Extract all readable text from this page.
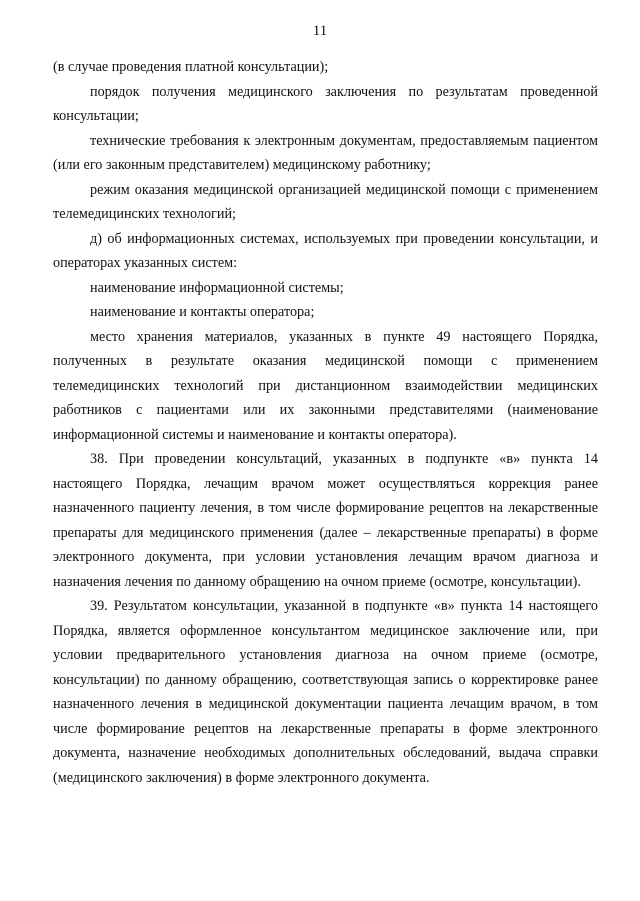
11

(в случае проведения платной консультации);

порядок получения медицинского заключения по результатам проведенной консультации;

технические требования к электронным документам, предоставляемым пациентом (или его законным представителем) медицинскому работнику;

режим оказания медицинской организацией медицинской помощи с применением телемедицинских технологий;

д) об информационных системах, используемых при проведении консультации, и операторах указанных систем:

наименование информационной системы;

наименование и контакты оператора;

место хранения материалов, указанных в пункте 49 настоящего Порядка, полученных в результате оказания медицинской помощи с применением телемедицинских технологий при дистанционном взаимодействии медицинских работников с пациентами или их законными представителями (наименование информационной системы и наименование и контакты оператора).

38. При проведении консультаций, указанных в подпункте «в» пункта 14 настоящего Порядка, лечащим врачом может осуществляться коррекция ранее назначенного пациенту лечения, в том числе формирование рецептов на лекарственные препараты для медицинского применения (далее – лекарственные препараты) в форме электронного документа, при условии установления лечащим врачом диагноза и назначения лечения по данному обращению на очном приеме (осмотре, консультации).

39. Результатом консультации, указанной в подпункте «в» пункта 14 настоящего Порядка, является оформленное консультантом медицинское заключение или, при условии предварительного установления диагноза на очном приеме (осмотре, консультации) по данному обращению, соответствующая запись о корректировке ранее назначенного лечения в медицинской документации пациента лечащим врачом, в том числе формирование рецептов на лекарственные препараты в форме электронного документа, назначение необходимых дополнительных обследований, выдача справки (медицинского заключения) в форме электронного документа.
